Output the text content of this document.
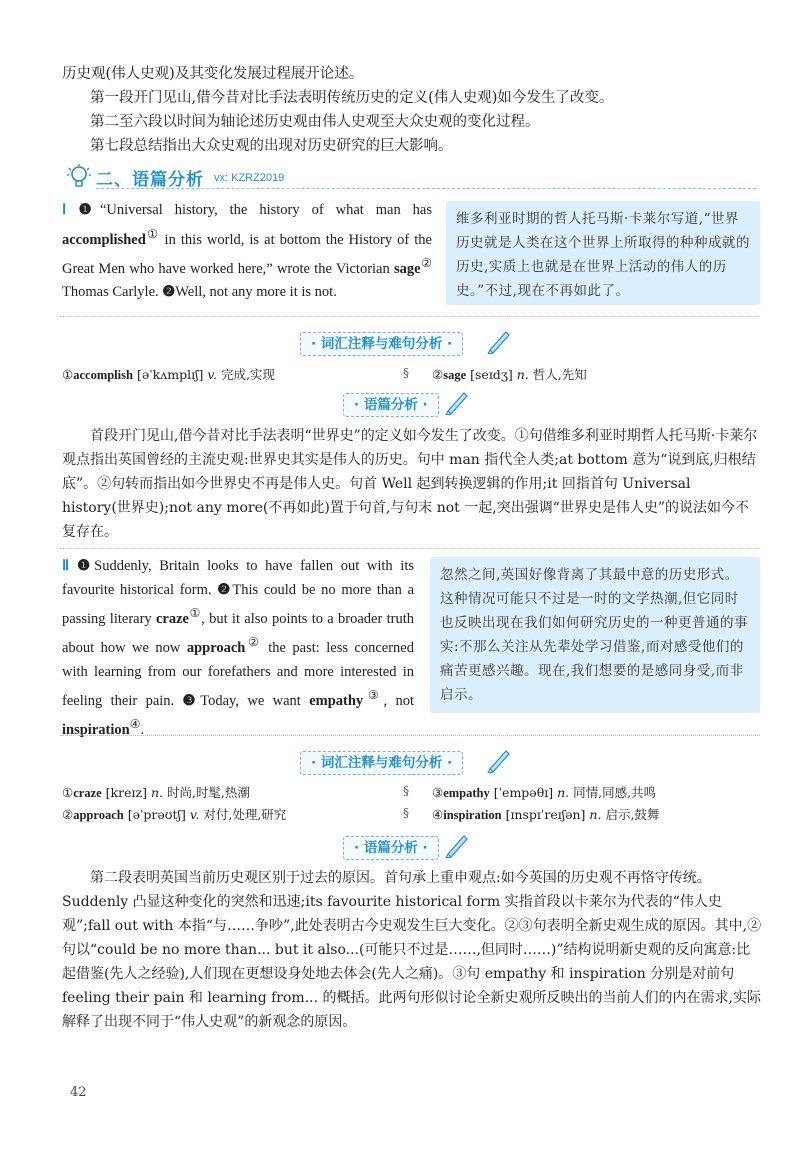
历史观(伟人史观)及其变化发展过程展开论述。
第一段开门见山,借今昔对比手法表明传统历史的定义(伟人史观)如今发生了改变。
第二至六段以时间为轴论述历史观由伟人史观至大众史观的变化过程。
第七段总结指出大众史观的出现对历史研究的巨大影响。
二、语篇分析 vx: KZRZ2019
Ⅰ ❶“Universal history, the history of what man has accomplished① in this world, is at bottom the History of the Great Men who have worked here,” wrote the Victorian sage② Thomas Carlyle. ❷Well, not any more it is not.
维多利亚时期的哲人托马斯·卡莱尔写道,“世界历史就是人类在这个世界上所取得的种种成就的历史,实质上也就是在世界上活动的伟人的历史。”不过,现在不再如此了。
· 词汇注释与难句分析 ·
①accomplish [əˈkʌmplɪʃ] v. 完成,实现	§ ②sage [seɪdʒ] n. 哲人,先知
· 语篇分析 ·
首段开门见山,借今昔对比手法表明“世界史”的定义如今发生了改变。①句借维多利亚时期哲人托马斯·卡莱尔观点指出英国曾经的主流史观:世界史其实是伟人的历史。句中 man 指代全人类;at bottom 意为“说到底,归根结底”。②句转而指出如今世界史不再是伟人史。句首 Well 起到转换逻辑的作用;it 回指首句 Universal history(世界史);not any more(不再如此)置于句首,与句末 not 一起,突出强调“世界史是伟人史”的说法如今不复存在。
Ⅱ ❶Suddenly, Britain looks to have fallen out with its favourite historical form. ❷This could be no more than a passing literary craze①, but it also points to a broader truth about how we now approach② the past: less concerned with learning from our forefathers and more interested in feeling their pain. ❸Today, we want empathy③, not inspiration④.
忽然之间,英国好像背离了其最中意的历史形式。这种情况可能只不过是一时的文学热潮,但它同时也反映出现在我们如何研究历史的一种更普通的事实:不那么关注从先辈处学习借鉴,而对感受他们的痛苦更感兴趣。现在,我们想要的是感同身受,而非启示。
· 词汇注释与难句分析 ·
①craze [kreɪz] n. 时尚,时髦,热潮	§ ③empathy [ˈempəθɪ] n. 同情,同感,共鸣
②approach [əˈprəʊtʃ] v. 对付,处理,研究	§ ④inspiration [ɪnspɪˈreɪʃən] n. 启示,鼓舞
· 语篇分析 ·
第二段表明英国当前历史观区别于过去的原因。首句承上重申观点:如今英国的历史观不再恪守传统。Suddenly 凸显这种变化的突然和迅速;its favourite historical form 实指首段以卡莱尔为代表的“伟人史观”;fall out with 本指“与……争吵”,此处表明古今史观发生巨大变化。②③句表明全新史观生成的原因。其中,②句以“could be no more than... but it also...(可能只不过是……,但同时……)”结构说明新史观的反向寓意:比起借鉴(先人之经验),人们现在更想设身处地去体会(先人之痛)。③句 empathy 和 inspiration 分别是对前句 feeling their pain 和 learning from... 的概括。此两句形似讨论全新史观所反映出的当前人们的内在需求,实际解释了出现不同于“伟人史观”的新观念的原因。
42
